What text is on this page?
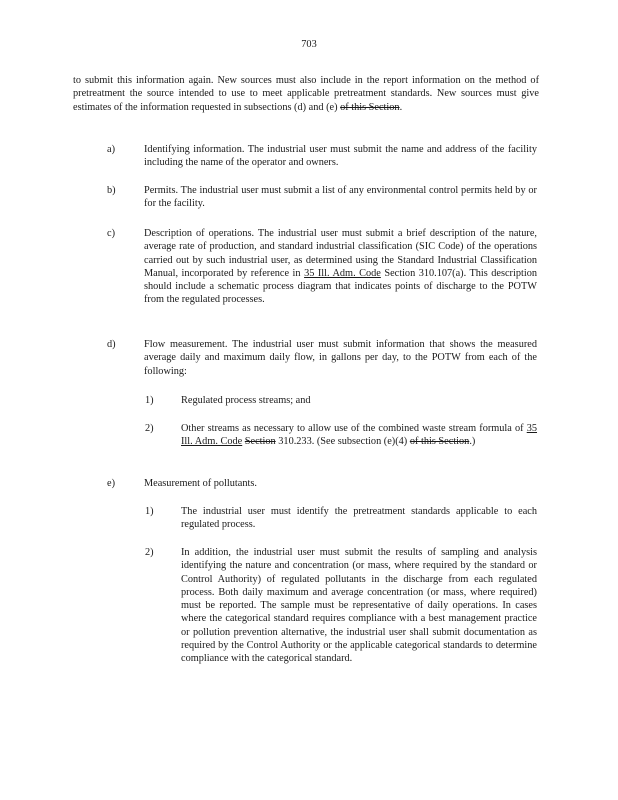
703
to submit this information again. New sources must also include in the report information on the method of pretreatment the source intended to use to meet applicable pretreatment standards. New sources must give estimates of the information requested in subsections (d) and (e) of this Section.
a)	Identifying information. The industrial user must submit the name and address of the facility including the name of the operator and owners.
b)	Permits. The industrial user must submit a list of any environmental control permits held by or for the facility.
c)	Description of operations. The industrial user must submit a brief description of the nature, average rate of production, and standard industrial classification (SIC Code) of the operations carried out by such industrial user, as determined using the Standard Industrial Classification Manual, incorporated by reference in 35 Ill. Adm. Code Section 310.107(a). This description should include a schematic process diagram that indicates points of discharge to the POTW from the regulated processes.
d)	Flow measurement. The industrial user must submit information that shows the measured average daily and maximum daily flow, in gallons per day, to the POTW from each of the following:
1)	Regulated process streams; and
2)	Other streams as necessary to allow use of the combined waste stream formula of 35 Ill. Adm. Code Section 310.233. (See subsection (e)(4) of this Section.)
e)	Measurement of pollutants.
1)	The industrial user must identify the pretreatment standards applicable to each regulated process.
2)	In addition, the industrial user must submit the results of sampling and analysis identifying the nature and concentration (or mass, where required by the standard or Control Authority) of regulated pollutants in the discharge from each regulated process. Both daily maximum and average concentration (or mass, where required) must be reported. The sample must be representative of daily operations. In cases where the categorical standard requires compliance with a best management practice or pollution prevention alternative, the industrial user shall submit documentation as required by the Control Authority or the applicable categorical standards to determine compliance with the categorical standard.
